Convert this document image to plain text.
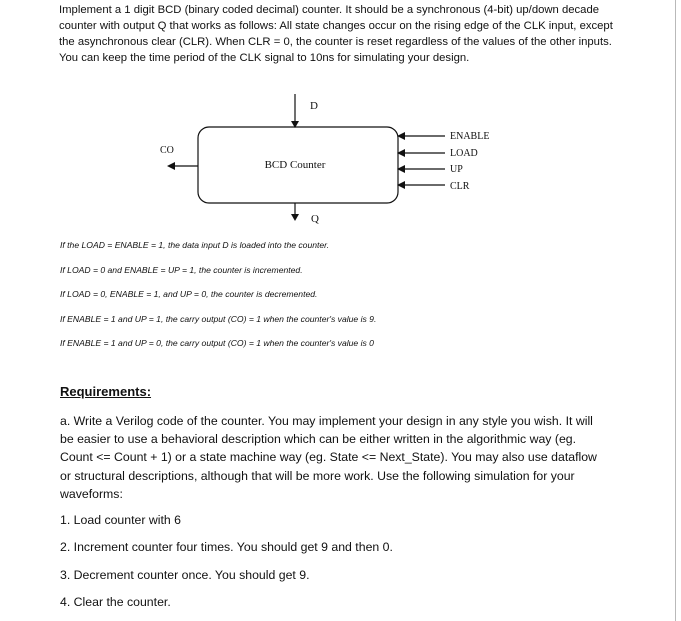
Implement a 1 digit BCD (binary coded decimal) counter. It should be a synchronous (4-bit) up/down decade counter with output Q that works as follows: All state changes occur on the rising edge of the CLK input, except the asynchronous clear (CLR). When CLR = 0, the counter is reset regardless of the values of the other inputs. You can keep the time period of the CLK signal to 10ns for simulating your design.
BCD Counter
D
Q
CO
ENABLE
LOAD
UP
CLR
If the LOAD = ENABLE = 1, the data input D is loaded into the counter.
If LOAD = 0 and ENABLE = UP = 1, the counter is incremented.
If LOAD = 0, ENABLE = 1, and UP = 0, the counter is decremented.
If ENABLE = 1 and UP = 1, the carry output (CO) = 1 when the counter's value is 9.
If ENABLE = 1 and UP = 0, the carry output (CO) = 1 when the counter's value is 0
Requirements:
a. Write a Verilog code of the counter. You may implement your design in any style you wish. It will be easier to use a behavioral description which can be either written in the algorithmic way (eg. Count <= Count + 1) or a state machine way (eg. State <= Next_State). You may also use dataflow or structural descriptions, although that will be more work. Use the following simulation for your waveforms:
1. Load counter with 6
2. Increment counter four times. You should get 9 and then 0.
3. Decrement counter once. You should get 9.
4. Clear the counter.
